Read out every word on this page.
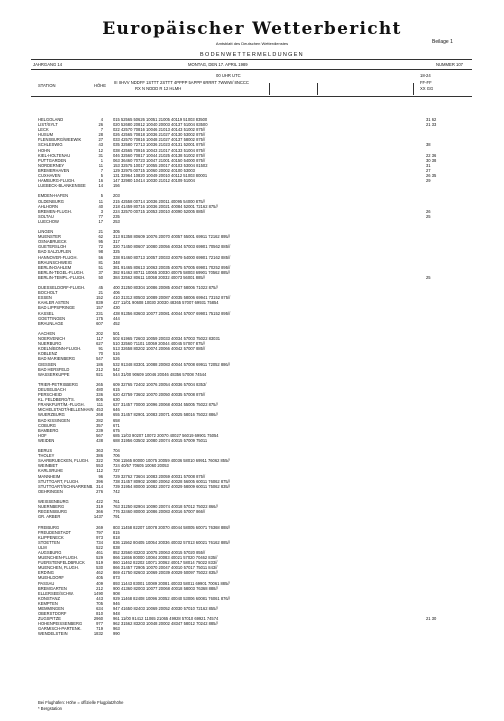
Europäischer Wetterbericht
Amtsblatt des Deutschen Wetterdienstes	Beilage 1
BODENWETTERMELDUNGEN
JAHRGANG 14	MONTAG, DEN 17. APRIL 1989	NUMMER 107
00 UHR UTC	18-24
STATION	HÖHE
III IIHVV NDDFF 1STTT 2STTT 4PPPP 5APPP 6RRRT 7WWW/ 8NCCC
RX N NDDD R 12 HLMH
FF-FF
XX GG
HELGOLAND	4 015 52565 50626 10051 21005 40119 51003 83500	31 62
LIST/SYLT	26 020 52680 20812 10040 20003 40137 51004 83500	21 33
LECK	7 022 42570 70816 10046 21013 40143 51002 875//
HUSUM	28 026 42565 70818 10036 21027 40130 53002 875//
FLENSBURG/WEEWIK	27 033 42570 70816 10048 21027 40137 58002 875//
SCHLESWIG	43 035 32580 72713 10036 21023 40131 52001 875//	38
HOHN	12 038 42565 70916 10043 21017 40133 51004 875//
KIEL-HOLTENAU	31 046 32560 70817 10044 21025 40138 51002 875//	22 36
PUTTGARDEN	1 063 36460 70723 10047 21001 40150 54000 875//	30 38
NORDERNEY	11 153 32575 10017 10055 20017 40103 53004 81502	31
BREMERHAVEN	7 129 32975 00715 10060 20002 40100 53003	27
CUXHAVEN	5 131 32964 10820 10049 20010 40112 51003 80001	26 35
HAMBURG-FLUGH.	16 147 32980 10414 10030 21012 40109 51004	29
LUEBECK-BLANKENSEE	14 156
EMDEN-HAFEN	5 203
OLDENBURG	11 215 42558 00714 10036 20011 40095 54000 875//
AHLHORN	40 218 41459 80716 10036 20021 40084 52001 72162 875//
BREMEN-FLUGH.	3 224 32570 00715 10053 20010 40090 52005 885//	26
SOLTAU	77 235	25
LUECHOW	17 253
LINGEN	21 305
MUENSTER	62 313 91358 80609 10076 20070 40057 55001 69911 72162 895//
OSNABRUECK	95 317
GUETERSLOH	72 320 71450 80607 10080 20056 40034 57003 69901 70562 885//
BAD SALZUFLEN	98 325
HANNOVER-FLUGH.	56 338 91460 80713 10057 20033 40079 54000 69901 72162 885//
BRAUNSCHWEIG	81 348
BERLIN-DAHLEM	51 381 91465 80613 10063 20035 40075 57005 69901 70252 895//
BERLIN-TEGEL-FLUGH.	37 382 91462 80711 10065 20030 40075 58003 69901 70562 885//
BERLIN-TEMPL.-FLUGH.	50 384 32562 80611 10058 20032 40073 56001 885//	25
DUESSELDORF-FLUGH.	45 400 31250 80304 10086 20085 40047 58006 71022 875//
BOCHOLT	21 406
ESSEN	152 410 31312 80503 10089 20087 40035 58006 69941 73152 875//
KAHLER ASTEN	839 427 11/01 90608 10030 20030 48365 57007 69931 75854
BAD LIPPSPRINGE	157 430
KASSEL	231 438 91356 83603 10077 20081 40044 57007 69901 75152 895//
GOETTINGEN	175 444
BRAUNLAGE	607 452
AACHEN	202 501
NOERVENICH	117 502 61965 72603 10059 20033 40034 57003 75022 83031
NUERBURG	627 510 32560 71101 10059 20044 40045 57007 875//
KOELN/BONN-FLUGH.	91 513 32658 80202 10074 20066 40042 57007 885//
KOBLENZ	70 516
BAD MARIENBERG	547 526
GIESSEN	186 532 91348 83301 10088 20083 40044 57008 69911 72052 886//
BAD HERSFELD	212 542
WASSERKUPPE	921 544 31/00 90609 10046 20046 48356 57008 74544
TRIER-PETRISBERG	265 609 32765 72402 10076 20054 40036 57004 8353/
DEUSELBACH	480 615
PERSCHEID	336 620 42759 73602 10070 20050 40035 57008 875//
KL. FELDBERG/TS.	805 630
FRANKFURT/M.-FLUGH.	111 637 31457 70000 10096 20068 40034 55005 75022 875//
MICHELSTADT/HELLENHAIN 453 646
WUERZBURG	268 655 31457 82901 10083 20071 40025 58016 75022 886//
BAD KISSINGEN	282 658
COBURG	357 671
BAMBERG	239 675
HOF	567 685 11/03 90207 10072 20070 40027 56019 69901 75054
WEIDEN	438 688 31956 03502 10080 20074 40015 57009 75011
BERUS	363 704
THOLEY	386 706
SAARBRUECKEN, FLUGH.	322 708 11565 80000 10075 20059 40036 58010 69911 76062 855//
WEINBIET	553 724 40/57 70605 10060 20053
KARLSRUHE	112 727
MANNHEIM	96 729 32762 73604 10083 20059 40031 57008 875//
STUTTGART, FLUGH.	396 738 31457 80902 10080 20062 40028 56005 60011 76062 875//
STUTTGART/SCHNARRENB. 314 739 31954 80000 10082 20072 40029 58009 60011 75062 835//
OEHRINGEN	276 742
WEISSENBURG	422 761
NUERNBERG	319 763 31250 82904 10090 20074 40018 57012 75022 866//
REGENSBURG	366 776 32460 80000 10086 20083 40016 57007 866//
GR. ARBER	1437 791
FREIBURG	269 803 11458 82207 10078 20070 40044 58005 60071 76368 888//
FREUDENSTADT	797 815
KLIPPENECK	973 818
STOETTEN	734 836 11562 80405 10054 20036 40032 57013 60021 76162 885//
ULM	522 838
AUGSBURG	461 852 32560 83203 10075 20063 40015 57020 855//
MUENCHEN-FLUGH.	529 866 11656 80000 10084 20083 40021 57020 70462 835//
FUERSTENFELDBRUCK	519 860 11462 82202 10071 20062 40017 58014 75022 833//
MUENCHEN, FLUGH.	530 866 31457 72905 10070 20047 40010 57017 75011 843//
ERDING	462 869 41750 82603 10069 20039 40029 50097 75022 835//
MUEHLDORF	405 873
PASSAU	409 893 11443 83001 10089 20081 40033 58011 69901 70061 885//
BREMGARTEN	212 900 41360 82003 10077 20068 40018 58003 76368 888//
ELLERSEE/SCHW.	1490 908
KONSTANZ	443 929 11468 82408 10096 20052 40040 53006 60081 76061 876//
KEMPTEN	705 946
MEMMINGEN	634 947 41650 82403 10069 20052 40030 57010 72162 855//
OBERSTDORF	810 948
ZUGSPITZE	2960 961 11/00 91412 11065 21065 49928 57010 69921 74574	21 30
HOHENPEISSENBERG	977 962 31562 83203 10048 20002 48347 58012 70242 885//
GARMISCH-PARTENK.	719 963
WENDELSTEIN	1832 990
Bei Flughäfen: Höhe = offizielle Flugplatzhöhe
* Bergstation
